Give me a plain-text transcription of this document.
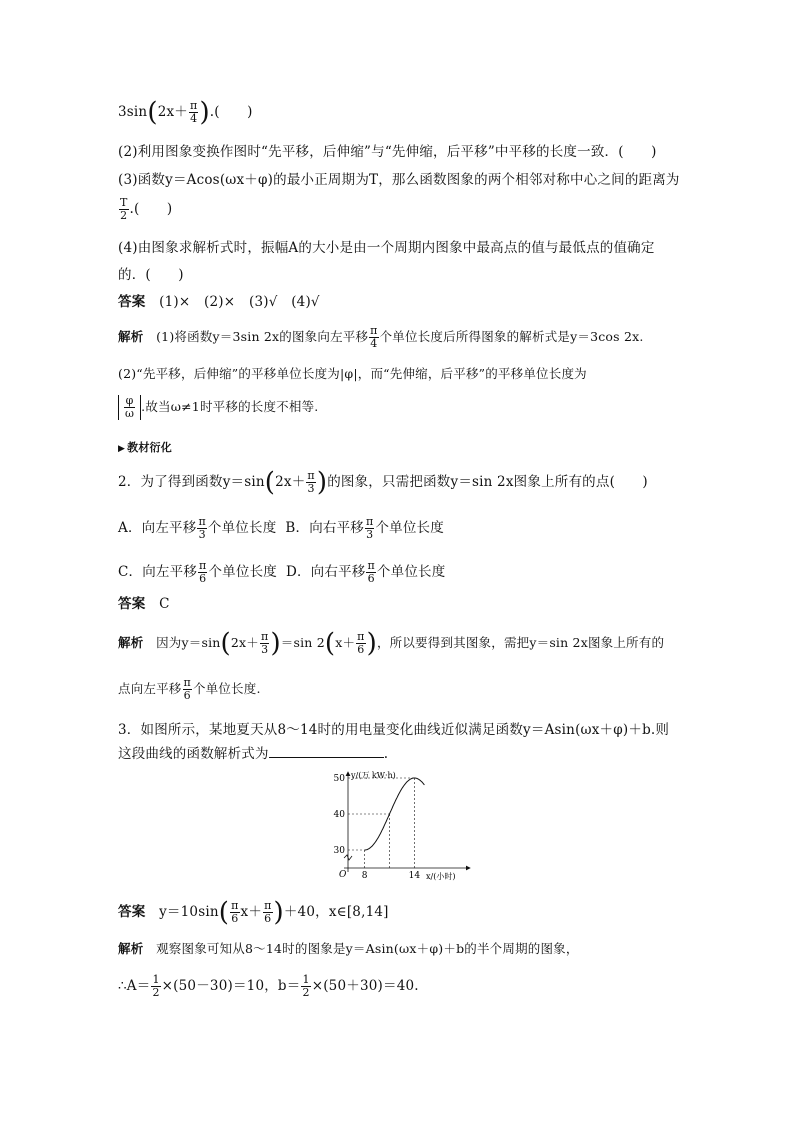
$3\sin(2x+ \frac{\pi}{4}$ ).(　　)
(2)利用图象变换作图时“先平移，后伸缩”与“先伸缩，后平移”中平移的长度一致．(　　)
(3)函数y＝Acos(ωx＋φ)的最小正周期为T，那么函数图象的两个相邻对称中心之间的距离为
$\frac{T}{2}$ .(　　)
(4)由图象求解析式时，振幅A的大小是由一个周期内图象中最高点的值与最低点的值确定
的．(　　)
答案　 (1)×　(2)×　(3)√　(4)√
解析　 (1)将函数y＝3sin 2x的图象向左平移 $\frac{\pi}{4}$ 个单位长度后所得图象的解析式是y＝3cos 2x.
(2)“先平移，后伸缩”的平移单位长度为|φ|，而“先伸缩，后平移”的平移单位长度为
$\frac{\varphi}{\omega}$ .故当ω≠1时平移的长度不相等.
▶ 教材衍化
2．为了得到函数$y=\sin(2x+ \frac{\pi}{3}$ )的图象，只需把函数y＝sin 2x图象上所有的点(　　)
A．向左平移 $\frac{\pi}{3}$ 个单位长度 B．向右平移 $\frac{\pi}{3}$ 个单位长度
C．向左平移 $\frac{\pi}{6}$ 个单位长度 D．向右平移 $\frac{\pi}{6}$ 个单位长度
答案　 C
解析　 因为$y=\sin(2x+ \frac{\pi}{3} )=\sin$ $2(x+ \frac{\pi}{6}$ )，所以要得到其图象，需把y＝sin 2x图象上所有的
点向左平移 $\frac{\pi}{6}$ 个单位长度.
3．如图所示，某地夏天从8～14时的用电量变化曲线近似满足函数y＝Asin(ωx＋φ)＋b.则
这段曲线的函数解析式为	.
30
40
50
8	14
O
y/(万 kW·h)
x/(小时)
答案　 $y=10\sin( \frac{\pi}{6} x+ \frac{\pi}{6} )+40$，x∈[8,14]
解析　 观察图象可知从8～14时的图象是y＝Asin(ωx＋φ)＋b的半个周期的图象，
∴A＝ $\frac{1}{2} \times(50-30)=10$，$b= \frac{1}{2} \times(50+30)=40$.
